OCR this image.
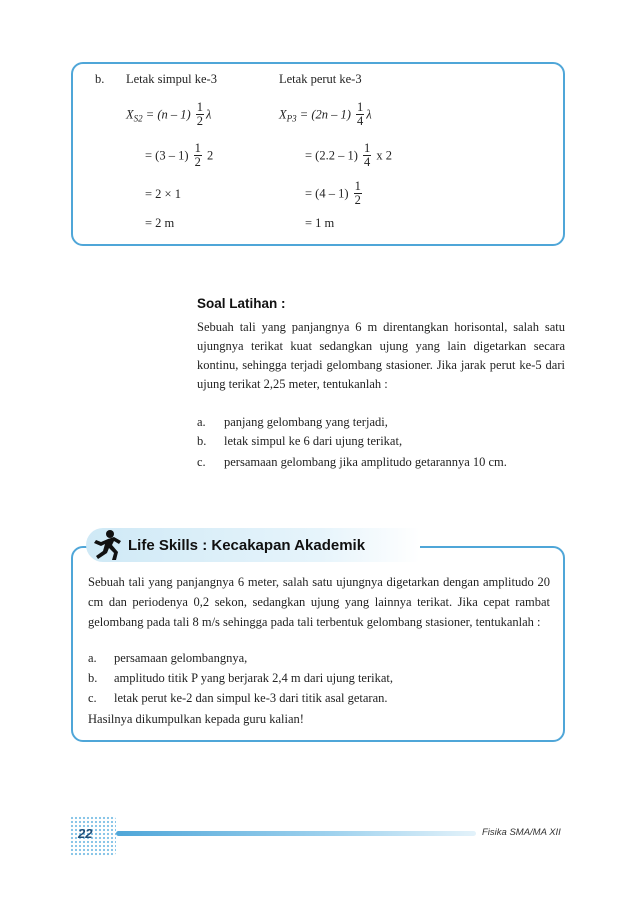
b. Letak simpul ke-3	Letak perut ke-3
$X_{S2} = (n - 1) \frac{1}{2}$ λ
= $(3 - 1) \frac{1}{2} 2$
= 2 × 1
= 2 m
$X_{P3} = (2n - 1) \frac{1}{4}$ λ
= $(2.2 - 1) \frac{1}{4}$ x 2
= $(4 - 1) \frac{1}{2}$
= 1 m
Soal Latihan :
Sebuah tali yang panjangnya 6 m direntangkan horisontal, salah satu ujungnya terikat kuat sedangkan ujung yang lain digetarkan secara kontinu, sehingga terjadi gelombang stasioner. Jika jarak perut ke-5 dari ujung terikat 2,25 meter, tentukanlah :
a. panjang gelombang yang terjadi,
b. letak simpul ke 6 dari ujung terikat,
c. persamaan gelombang jika amplitudo getarannya 10 cm.
Life Skills : Kecakapan Akademik
Sebuah tali yang panjangnya 6 meter, salah satu ujungnya digetarkan dengan amplitudo 20 cm dan periodenya 0,2 sekon, sedangkan ujung yang lainnya terikat. Jika cepat rambat gelombang pada tali 8 m/s sehingga pada tali terbentuk gelombang stasioner, tentukanlah :
a. persamaan gelombangnya,
b. amplitudo titik P yang berjarak 2,4 m dari ujung terikat,
c. letak perut ke-2 dan simpul ke-3 dari titik asal getaran.
Hasilnya dikumpulkan kepada guru kalian!
22	Fisika SMA/MA XII
